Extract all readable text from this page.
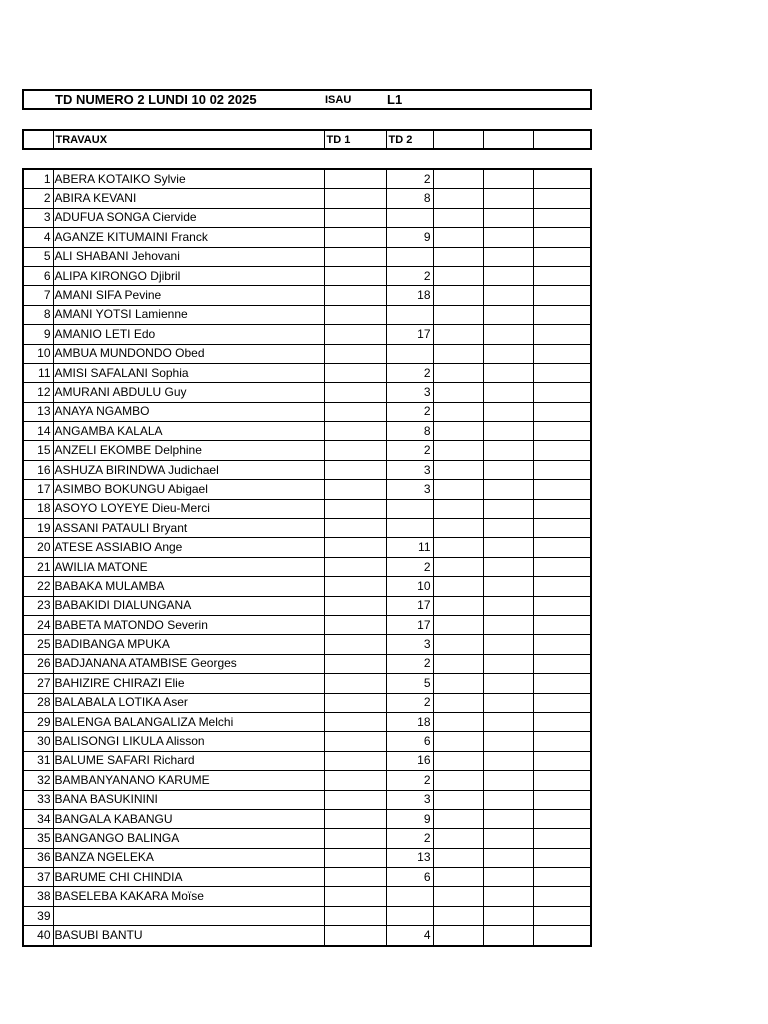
	TD NUMERO 2 LUNDI 10 02 2025	ISAU	L1
	TRAVAUX	TD 1	TD 2			
1	ABERA KOTAIKO Sylvie		2			
2	ABIRA KEVANI		8			
3	ADUFUA SONGA Ciervide					
4	AGANZE KITUMAINI Franck		9			
5	ALI SHABANI Jehovani					
6	ALIPA KIRONGO Djibril		2			
7	AMANI SIFA Pevine		18			
8	AMANI YOTSI Lamienne					
9	AMANIO LETI Edo		17			
10	AMBUA MUNDONDO Obed					
11	AMISI SAFALANI Sophia		2			
12	AMURANI ABDULU Guy		3			
13	ANAYA NGAMBO		2			
14	ANGAMBA KALALA		8			
15	ANZELI EKOMBE Delphine		2			
16	ASHUZA BIRINDWA Judichael		3			
17	ASIMBO BOKUNGU Abigael		3			
18	ASOYO LOYEYE Dieu-Merci					
19	ASSANI PATAULI Bryant					
20	ATESE ASSIABIO Ange		11			
21	AWILIA MATONE		2			
22	BABAKA MULAMBA		10			
23	BABAKIDI DIALUNGANA		17			
24	BABETA MATONDO Severin		17			
25	BADIBANGA MPUKA		3			
26	BADJANANA ATAMBISE Georges		2			
27	BAHIZIRE CHIRAZI Elie		5			
28	BALABALA LOTIKA Aser		2			
29	BALENGA BALANGALIZA Melchi		18			
30	BALISONGI LIKULA Alisson		6			
31	BALUME SAFARI Richard		16			
32	BAMBANYANANO KARUME		2			
33	BANA BASUKININI		3			
34	BANGALA KABANGU		9			
35	BANGANGO BALINGA		2			
36	BANZA NGELEKA		13			
37	BARUME CHI CHINDIA		6			
38	BASELEBA KAKARA Moïse					
39						
40	BASUBI BANTU		4			
